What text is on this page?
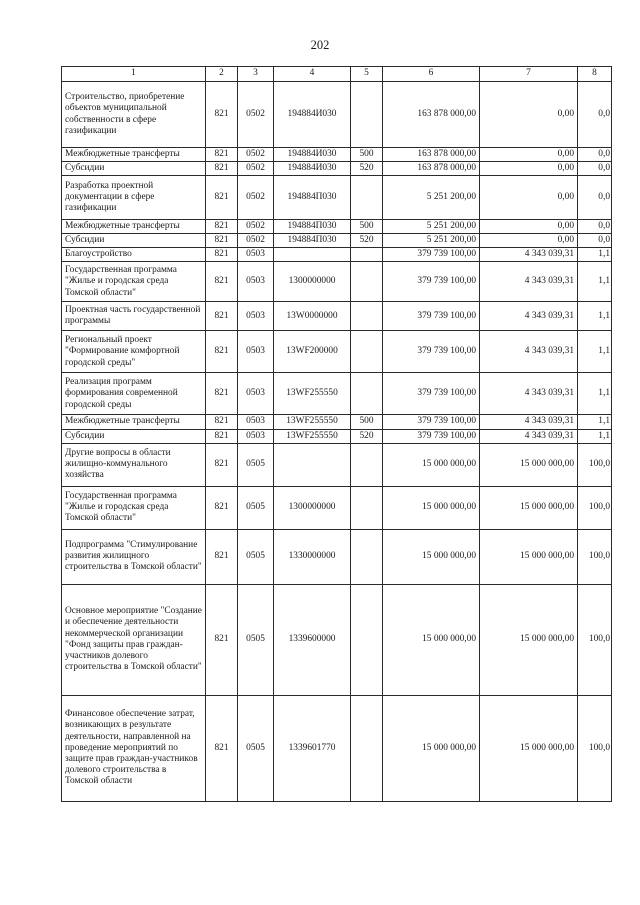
202
1	2	3	4	5	6	7	8
Строительство, приобретение объектов муниципальной собственности в сфере газификации	821	0502	194884И030		163 878 000,00	0,00	0,0
Межбюджетные трансферты	821	0502	194884И030	500	163 878 000,00	0,00	0,0
Субсидии	821	0502	194884И030	520	163 878 000,00	0,00	0,0
Разработка проектной документации в сфере газификации	821	0502	194884П030		5 251 200,00	0,00	0,0
Межбюджетные трансферты	821	0502	194884П030	500	5 251 200,00	0,00	0,0
Субсидии	821	0502	194884П030	520	5 251 200,00	0,00	0,0
Благоустройство	821	0503			379 739 100,00	4 343 039,31	1,1
Государственная программа "Жилье и городская среда Томской области"	821	0503	1300000000		379 739 100,00	4 343 039,31	1,1
Проектная часть государственной программы	821	0503	13W0000000		379 739 100,00	4 343 039,31	1,1
Региональный проект "Формирование комфортной городской среды"	821	0503	13WF200000		379 739 100,00	4 343 039,31	1,1
Реализация программ формирования современной городской среды	821	0503	13WF255550		379 739 100,00	4 343 039,31	1,1
Межбюджетные трансферты	821	0503	13WF255550	500	379 739 100,00	4 343 039,31	1,1
Субсидии	821	0503	13WF255550	520	379 739 100,00	4 343 039,31	1,1
Другие вопросы в области жилищно-коммунального хозяйства	821	0505			15 000 000,00	15 000 000,00	100,0
Государственная программа "Жилье и городская среда Томской области"	821	0505	1300000000		15 000 000,00	15 000 000,00	100,0
Подпрограмма "Стимулирование развития жилищного строительства в Томской области"	821	0505	1330000000		15 000 000,00	15 000 000,00	100,0
Основное мероприятие "Создание и обеспечение деятельности некоммерческой организации "Фонд защиты прав граждан-участников долевого строительства в Томской области"	821	0505	1339600000		15 000 000,00	15 000 000,00	100,0
Финансовое обеспечение затрат, возникающих в результате деятельности, направленной на проведение мероприятий по защите прав граждан-участников долевого строительства в Томской области	821	0505	1339601770		15 000 000,00	15 000 000,00	100,0
